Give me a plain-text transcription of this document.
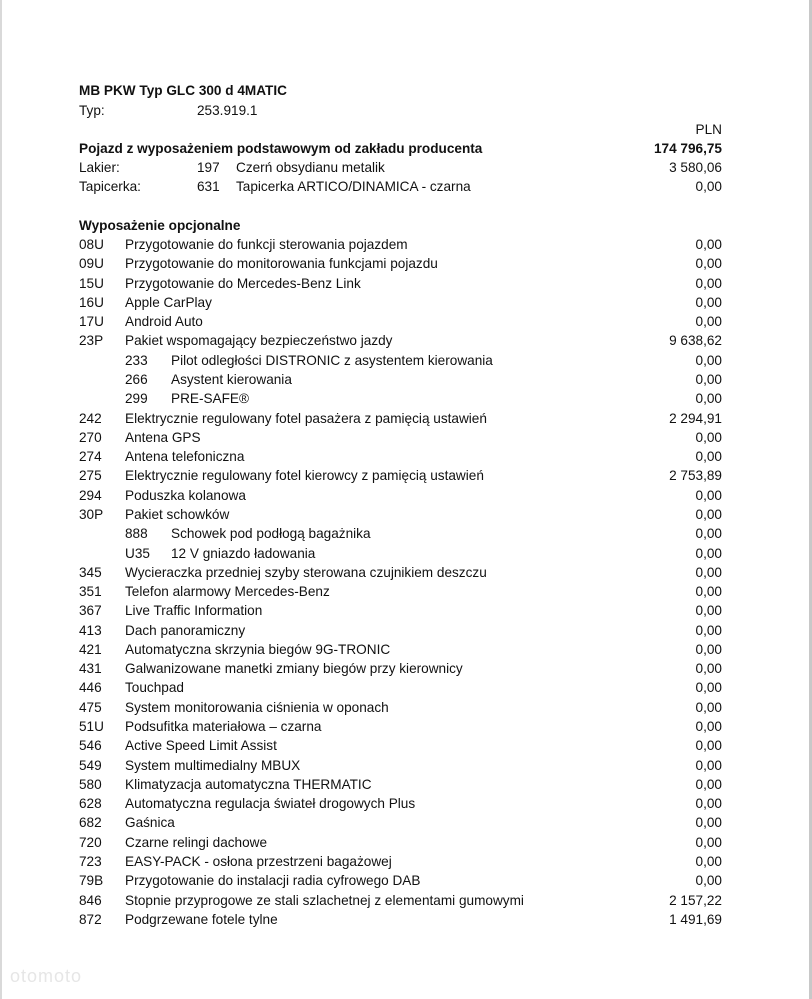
MB PKW Typ GLC 300 d 4MATIC
Typ:	253.919.1
PLN
Pojazd z wyposażeniem podstawowym od zakładu producenta	174 796,75
Lakier:	197 Czerń obsydianu metalik	3 580,06
Tapicerka:	631 Tapicerka ARTICO/DINAMICA - czarna	0,00
Wyposażenie opcjonalne
08U Przygotowanie do funkcji sterowania pojazdem	0,00
09U Przygotowanie do monitorowania funkcjami pojazdu	0,00
15U Przygotowanie do Mercedes-Benz Link	0,00
16U Apple CarPlay	0,00
17U Android Auto	0,00
23P Pakiet wspomagający bezpieczeństwo jazdy	9 638,62
233 Pilot odległości DISTRONIC z asystentem kierowania	0,00
266 Asystent kierowania	0,00
299 PRE-SAFE®	0,00
242 Elektrycznie regulowany fotel pasażera z pamięcią ustawień	2 294,91
270 Antena GPS	0,00
274 Antena telefoniczna	0,00
275 Elektrycznie regulowany fotel kierowcy z pamięcią ustawień	2 753,89
294 Poduszka kolanowa	0,00
30P Pakiet schowków	0,00
888 Schowek pod podłogą bagażnika	0,00
U35 12 V gniazdo ładowania	0,00
345 Wycieraczka przedniej szyby sterowana czujnikiem deszczu	0,00
351 Telefon alarmowy Mercedes-Benz	0,00
367 Live Traffic Information	0,00
413 Dach panoramiczny	0,00
421 Automatyczna skrzynia biegów 9G-TRONIC	0,00
431 Galwanizowane manetki zmiany biegów przy kierownicy	0,00
446 Touchpad	0,00
475 System monitorowania ciśnienia w oponach	0,00
51U Podsufitka materiałowa – czarna	0,00
546 Active Speed Limit Assist	0,00
549 System multimedialny MBUX	0,00
580 Klimatyzacja automatyczna THERMATIC	0,00
628 Automatyczna regulacja świateł drogowych Plus	0,00
682 Gaśnica	0,00
720 Czarne relingi dachowe	0,00
723 EASY-PACK - osłona przestrzeni bagażowej	0,00
79B Przygotowanie do instalacji radia cyfrowego DAB	0,00
846 Stopnie przyprogowe ze stali szlachetnej z elementami gumowymi	2 157,22
872 Podgrzewane fotele tylne	1 491,69
otomoto
